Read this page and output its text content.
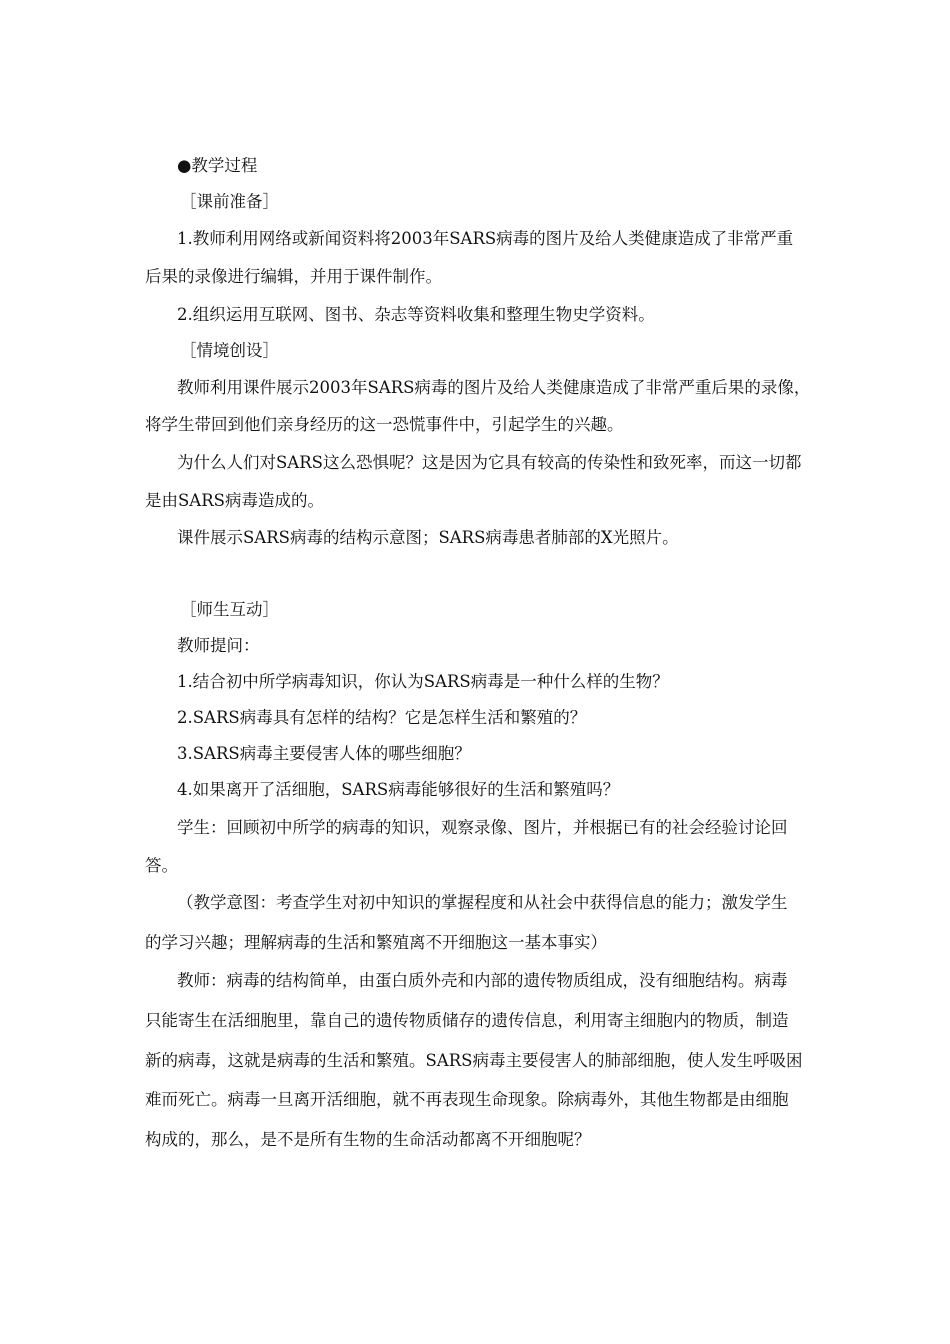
●教学过程
［课前准备］
1.教师利用网络或新闻资料将2003年SARS病毒的图片及给人类健康造成了非常严重
后果的录像进行编辑，并用于课件制作。
2.组织运用互联网、图书、杂志等资料收集和整理生物史学资料。
［情境创设］
教师利用课件展示2003年SARS病毒的图片及给人类健康造成了非常严重后果的录像，
将学生带回到他们亲身经历的这一恐慌事件中，引起学生的兴趣。
为什么人们对SARS这么恐惧呢？这是因为它具有较高的传染性和致死率，而这一切都
是由SARS病毒造成的。
课件展示SARS病毒的结构示意图；SARS病毒患者肺部的X光照片。
［师生互动］
教师提问：
1.结合初中所学病毒知识，你认为SARS病毒是一种什么样的生物？
2.SARS病毒具有怎样的结构？它是怎样生活和繁殖的？
3.SARS病毒主要侵害人体的哪些细胞？
4.如果离开了活细胞，SARS病毒能够很好的生活和繁殖吗？
学生：回顾初中所学的病毒的知识，观察录像、图片，并根据已有的社会经验讨论回
答。
（教学意图：考查学生对初中知识的掌握程度和从社会中获得信息的能力；激发学生
的学习兴趣；理解病毒的生活和繁殖离不开细胞这一基本事实）
教师：病毒的结构简单，由蛋白质外壳和内部的遗传物质组成，没有细胞结构。病毒
只能寄生在活细胞里，靠自己的遗传物质储存的遗传信息，利用寄主细胞内的物质，制造
新的病毒，这就是病毒的生活和繁殖。SARS病毒主要侵害人的肺部细胞，使人发生呼吸困
难而死亡。病毒一旦离开活细胞，就不再表现生命现象。除病毒外，其他生物都是由细胞
构成的，那么，是不是所有生物的生命活动都离不开细胞呢？
